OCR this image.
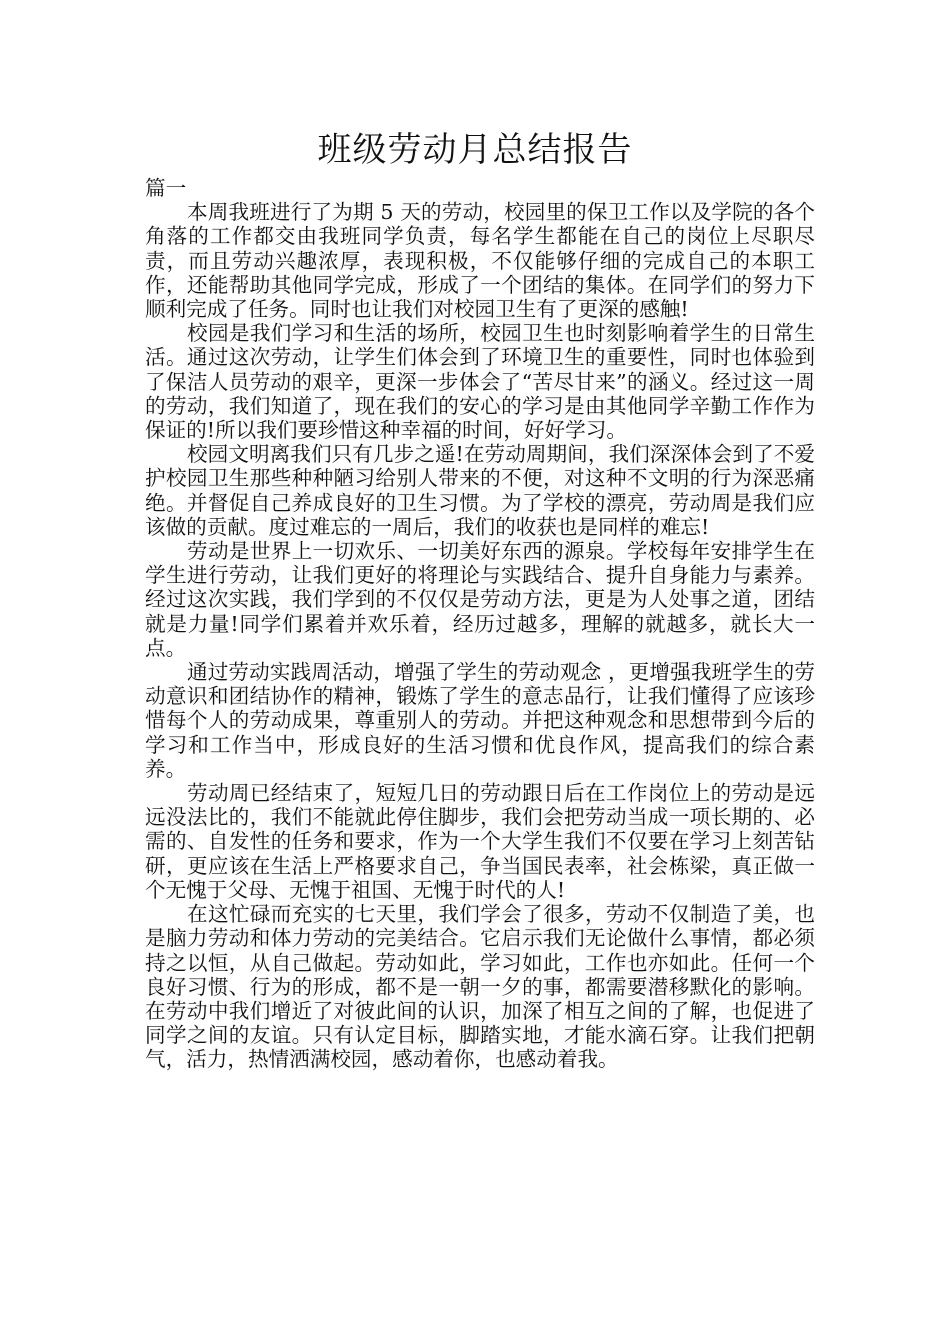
班级劳动月总结报告

篇一

本周我班进行了为期 5 天的劳动，校园里的保卫工作以及学院的各个角落的工作都交由我班同学负责，每名学生都能在自己的岗位上尽职尽责，而且劳动兴趣浓厚，表现积极，不仅能够仔细的完成自己的本职工作，还能帮助其他同学完成，形成了一个团结的集体。在同学们的努力下顺利完成了任务。同时也让我们对校园卫生有了更深的感触!

校园是我们学习和生活的场所，校园卫生也时刻影响着学生的日常生活。通过这次劳动，让学生们体会到了环境卫生的重要性，同时也体验到了保洁人员劳动的艰辛，更深一步体会了“苦尽甘来”的涵义。经过这一周的劳动，我们知道了，现在我们的安心的学习是由其他同学辛勤工作作为保证的!所以我们要珍惜这种幸福的时间，好好学习。

校园文明离我们只有几步之遥!在劳动周期间，我们深深体会到了不爱护校园卫生那些种种陋习给别人带来的不便，对这种不文明的行为深恶痛绝。并督促自己养成良好的卫生习惯。为了学校的漂亮，劳动周是我们应该做的贡献。度过难忘的一周后，我们的收获也是同样的难忘!

劳动是世界上一切欢乐、一切美好东西的源泉。学校每年安排学生在学生进行劳动，让我们更好的将理论与实践结合、提升自身能力与素养。经过这次实践，我们学到的不仅仅是劳动方法，更是为人处事之道，团结就是力量!同学们累着并欢乐着，经历过越多，理解的就越多，就长大一点。

通过劳动实践周活动，增强了学生的劳动观念 ，更增强我班学生的劳动意识和团结协作的精神，锻炼了学生的意志品行，让我们懂得了应该珍惜每个人的劳动成果，尊重别人的劳动。并把这种观念和思想带到今后的学习和工作当中，形成良好的生活习惯和优良作风，提高我们的综合素养。

劳动周已经结束了，短短几日的劳动跟日后在工作岗位上的劳动是远远没法比的，我们不能就此停住脚步，我们会把劳动当成一项长期的、必需的、自发性的任务和要求，作为一个大学生我们不仅要在学习上刻苦钻研，更应该在生活上严格要求自己，争当国民表率，社会栋梁，真正做一个无愧于父母、无愧于祖国、无愧于时代的人!

在这忙碌而充实的七天里，我们学会了很多，劳动不仅制造了美，也是脑力劳动和体力劳动的完美结合。它启示我们无论做什么事情，都必须持之以恒，从自己做起。劳动如此，学习如此，工作也亦如此。任何一个良好习惯、行为的形成，都不是一朝一夕的事，都需要潜移默化的影响。在劳动中我们增近了对彼此间的认识，加深了相互之间的了解，也促进了同学之间的友谊。只有认定目标，脚踏实地，才能水滴石穿。让我们把朝气，活力，热情洒满校园，感动着你，也感动着我。
